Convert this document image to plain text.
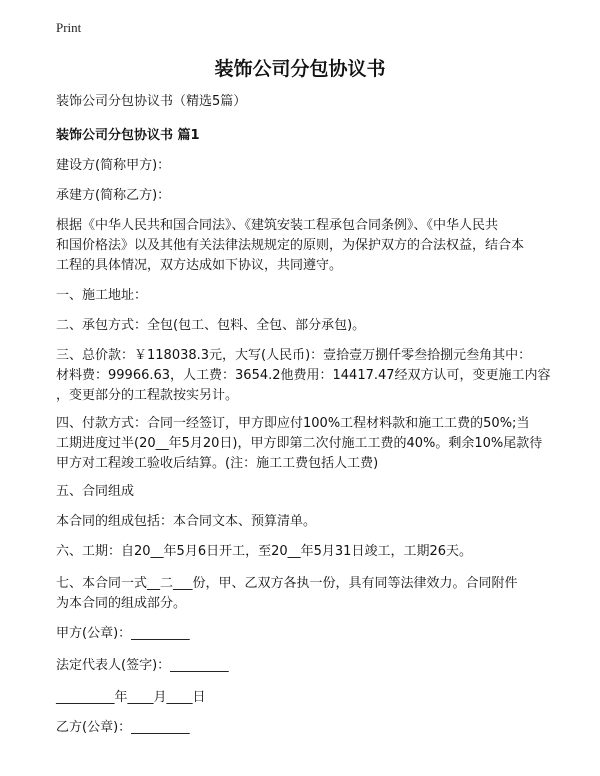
Print
装饰公司分包协议书
装饰公司分包协议书（精选5篇）
装饰公司分包协议书 篇1
建设方(简称甲方)：
承建方(简称乙方)：
根据《中华人民共和国合同法》、《建筑安装工程承包合同条例》、《中华人民共
和国价格法》以及其他有关法律法规规定的原则，为保护双方的合法权益，结合本
工程的具体情况，双方达成如下协议，共同遵守。
一、施工地址：
二、承包方式：全包(包工、包料、全包、部分承包)。
三、总价款：￥118038.3元，大写(人民币)：壹拾壹万捌仟零叁拾捌元叁角其中：
材料费：99966.63，人工费：3654.2他费用：14417.47经双方认可，变更施工内容
，变更部分的工程款按实另计。
四、付款方式：合同一经签订，甲方即应付100%工程材料款和施工工费的50%;当
工期进度过半(20__年5月20日)，甲方即第二次付施工工费的40%。剩余10%尾款待
甲方对工程竣工验收后结算。(注：施工工费包括人工费)
五、合同组成
本合同的组成包括：本合同文本、预算清单。
六、工期：自20__年5月6日开工，至20__年5月31日竣工，工期26天。
七、本合同一式__二___份，甲、乙双方各执一份，具有同等法律效力。合同附件
为本合同的组成部分。
甲方(公章)：_________
法定代表人(签字)：_________
_________年____月____日
乙方(公章)：_________
